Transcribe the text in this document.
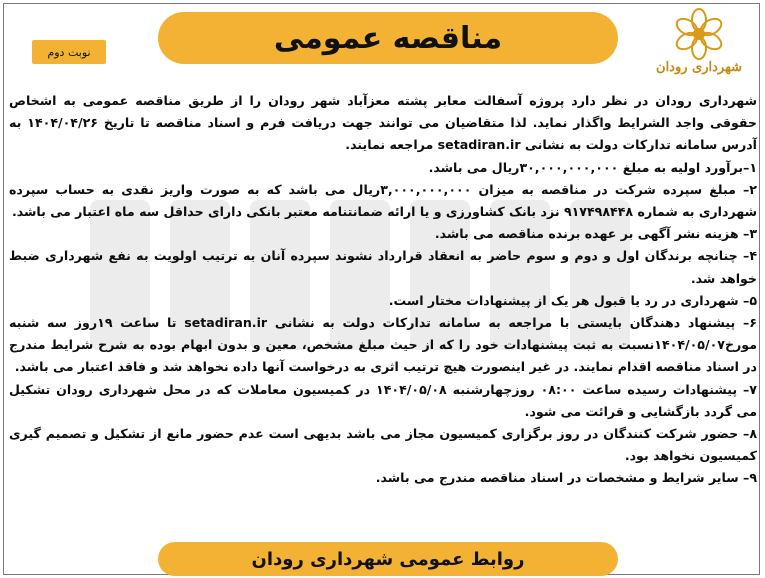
نوبت دوم	مناقصه عمومی
شهرداری رودان

شهرداری رودان در نظر دارد پروژه آسفالت معابر پشته معزآباد شهر رودان را از طریق مناقصه عمومی به اشخاص حقوقی واجد الشرایط واگذار نماید. لذا متقاضیان می توانند جهت دریافت فرم و اسناد مناقصه تا تاریخ ۱۴۰۴/۰۴/۲۶ به آدرس سامانه تدارکات دولت به نشانی setadiran.ir مراجعه نمایند.

۱–برآورد اولیه به مبلغ ۳۰,۰۰۰,۰۰۰,۰۰۰ریال می باشد.

۲– مبلغ سپرده شرکت در مناقصه به میزان ۳,۰۰۰,۰۰۰,۰۰۰ریال می باشد که به صورت واریز نقدی به حساب سپرده شهرداری به شماره ۹۱۷۴۹۸۴۴۸ نزد بانک کشاورزی و یا ارائه ضمانتنامه معتبر بانکی دارای حداقل سه ماه اعتبار می باشد.

۳– هزینه نشر آگهی بر عهده برنده مناقصه می باشد.

۴– چنانچه برندگان اول و دوم و سوم حاضر به انعقاد قرارداد نشوند سپرده آنان به ترتیب اولویت به نفع شهرداری ضبط خواهد شد.

۵– شهرداری در رد یا قبول هر یک از پیشنهادات مختار است.

۶– پیشنهاد دهندگان بایستی با مراجعه به سامانه تدارکات دولت به نشانی setadiran.ir تا ساعت ۱۹روز سه شنبه مورخ۱۴۰۴/۰۵/۰۷نسبت به ثبت پیشنهادات خود را که از حیث مبلغ مشخص، معین و بدون ابهام بوده به شرح شرایط مندرج در اسناد مناقصه اقدام نمایند. در غیر اینصورت هیچ ترتیب اثری به درخواست آنها داده نخواهد شد و فاقد اعتبار می باشد.

۷– پیشنهادات رسیده ساعت ۰۸:۰۰ روزچهارشنبه ۱۴۰۴/۰۵/۰۸ در کمیسیون معاملات که در محل شهرداری رودان تشکیل می گردد بازگشایی و قرائت می شود.

۸– حضور شرکت کنندگان در روز برگزاری کمیسیون مجاز می باشد بدیهی است عدم حضور مانع از تشکیل و تصمیم گیری کمیسیون نخواهد بود.

۹– سایر شرایط و مشخصات در اسناد مناقصه مندرج می باشد.

روابط عمومی شهرداری رودان
